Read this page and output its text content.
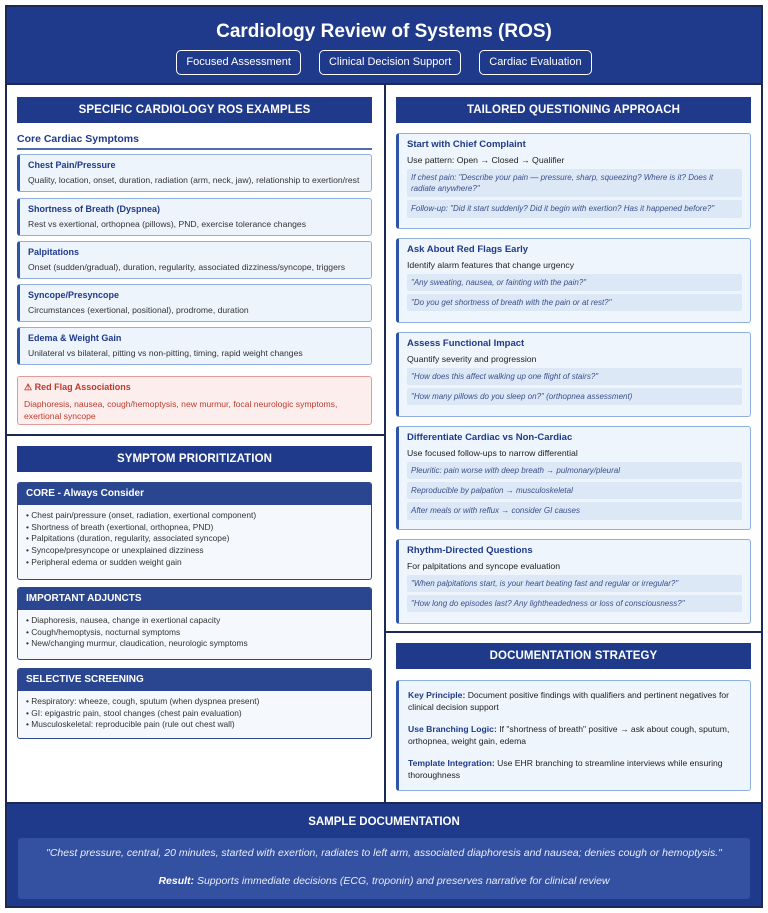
Cardiology Review of Systems (ROS)
Focused Assessment	Clinical Decision Support	Cardiac Evaluation
SPECIFIC CARDIOLOGY ROS EXAMPLES
Core Cardiac Symptoms
Chest Pain/Pressure
Quality, location, onset, duration, radiation (arm, neck, jaw), relationship to exertion/rest
Shortness of Breath (Dyspnea)
Rest vs exertional, orthopnea (pillows), PND, exercise tolerance changes
Palpitations
Onset (sudden/gradual), duration, regularity, associated dizziness/syncope, triggers
Syncope/Presyncope
Circumstances (exertional, positional), prodrome, duration
Edema & Weight Gain
Unilateral vs bilateral, pitting vs non-pitting, timing, rapid weight changes
⚠ Red Flag Associations
Diaphoresis, nausea, cough/hemoptysis, new murmur, focal neurologic symptoms, exertional syncope
SYMPTOM PRIORITIZATION
CORE - Always Consider
• Chest pain/pressure (onset, radiation, exertional component)
• Shortness of breath (exertional, orthopnea, PND)
• Palpitations (duration, regularity, associated syncope)
• Syncope/presyncope or unexplained dizziness
• Peripheral edema or sudden weight gain
IMPORTANT ADJUNCTS
• Diaphoresis, nausea, change in exertional capacity
• Cough/hemoptysis, nocturnal symptoms
• New/changing murmur, claudication, neurologic symptoms
SELECTIVE SCREENING
• Respiratory: wheeze, cough, sputum (when dyspnea present)
• GI: epigastric pain, stool changes (chest pain evaluation)
• Musculoskeletal: reproducible pain (rule out chest wall)
TAILORED QUESTIONING APPROACH
Start with Chief Complaint
Use pattern: Open → Closed → Qualifier
If chest pain: "Describe your pain — pressure, sharp, squeezing? Where is it? Does it radiate anywhere?"
Follow-up: "Did it start suddenly? Did it begin with exertion? Has it happened before?"
Ask About Red Flags Early
Identify alarm features that change urgency
"Any sweating, nausea, or fainting with the pain?"
"Do you get shortness of breath with the pain or at rest?"
Assess Functional Impact
Quantify severity and progression
"How does this affect walking up one flight of stairs?"
"How many pillows do you sleep on?" (orthopnea assessment)
Differentiate Cardiac vs Non-Cardiac
Use focused follow-ups to narrow differential
Pleuritic: pain worse with deep breath → pulmonary/pleural
Reproducible by palpation → musculoskeletal
After meals or with reflux → consider GI causes
Rhythm-Directed Questions
For palpitations and syncope evaluation
"When palpitations start, is your heart beating fast and regular or irregular?"
"How long do episodes last? Any lightheadedness or loss of consciousness?"
DOCUMENTATION STRATEGY

Key Principle: Document positive findings with qualifiers and pertinent negatives for clinical decision support

Use Branching Logic: If "shortness of breath" positive → ask about cough, sputum, orthopnea, weight gain, edema

Template Integration: Use EHR branching to streamline interviews while ensuring thoroughness

SAMPLE DOCUMENTATION
"Chest pressure, central, 20 minutes, started with exertion, radiates to left arm, associated diaphoresis and nausea; denies cough or hemoptysis."
Result: Supports immediate decisions (ECG, troponin) and preserves narrative for clinical review
